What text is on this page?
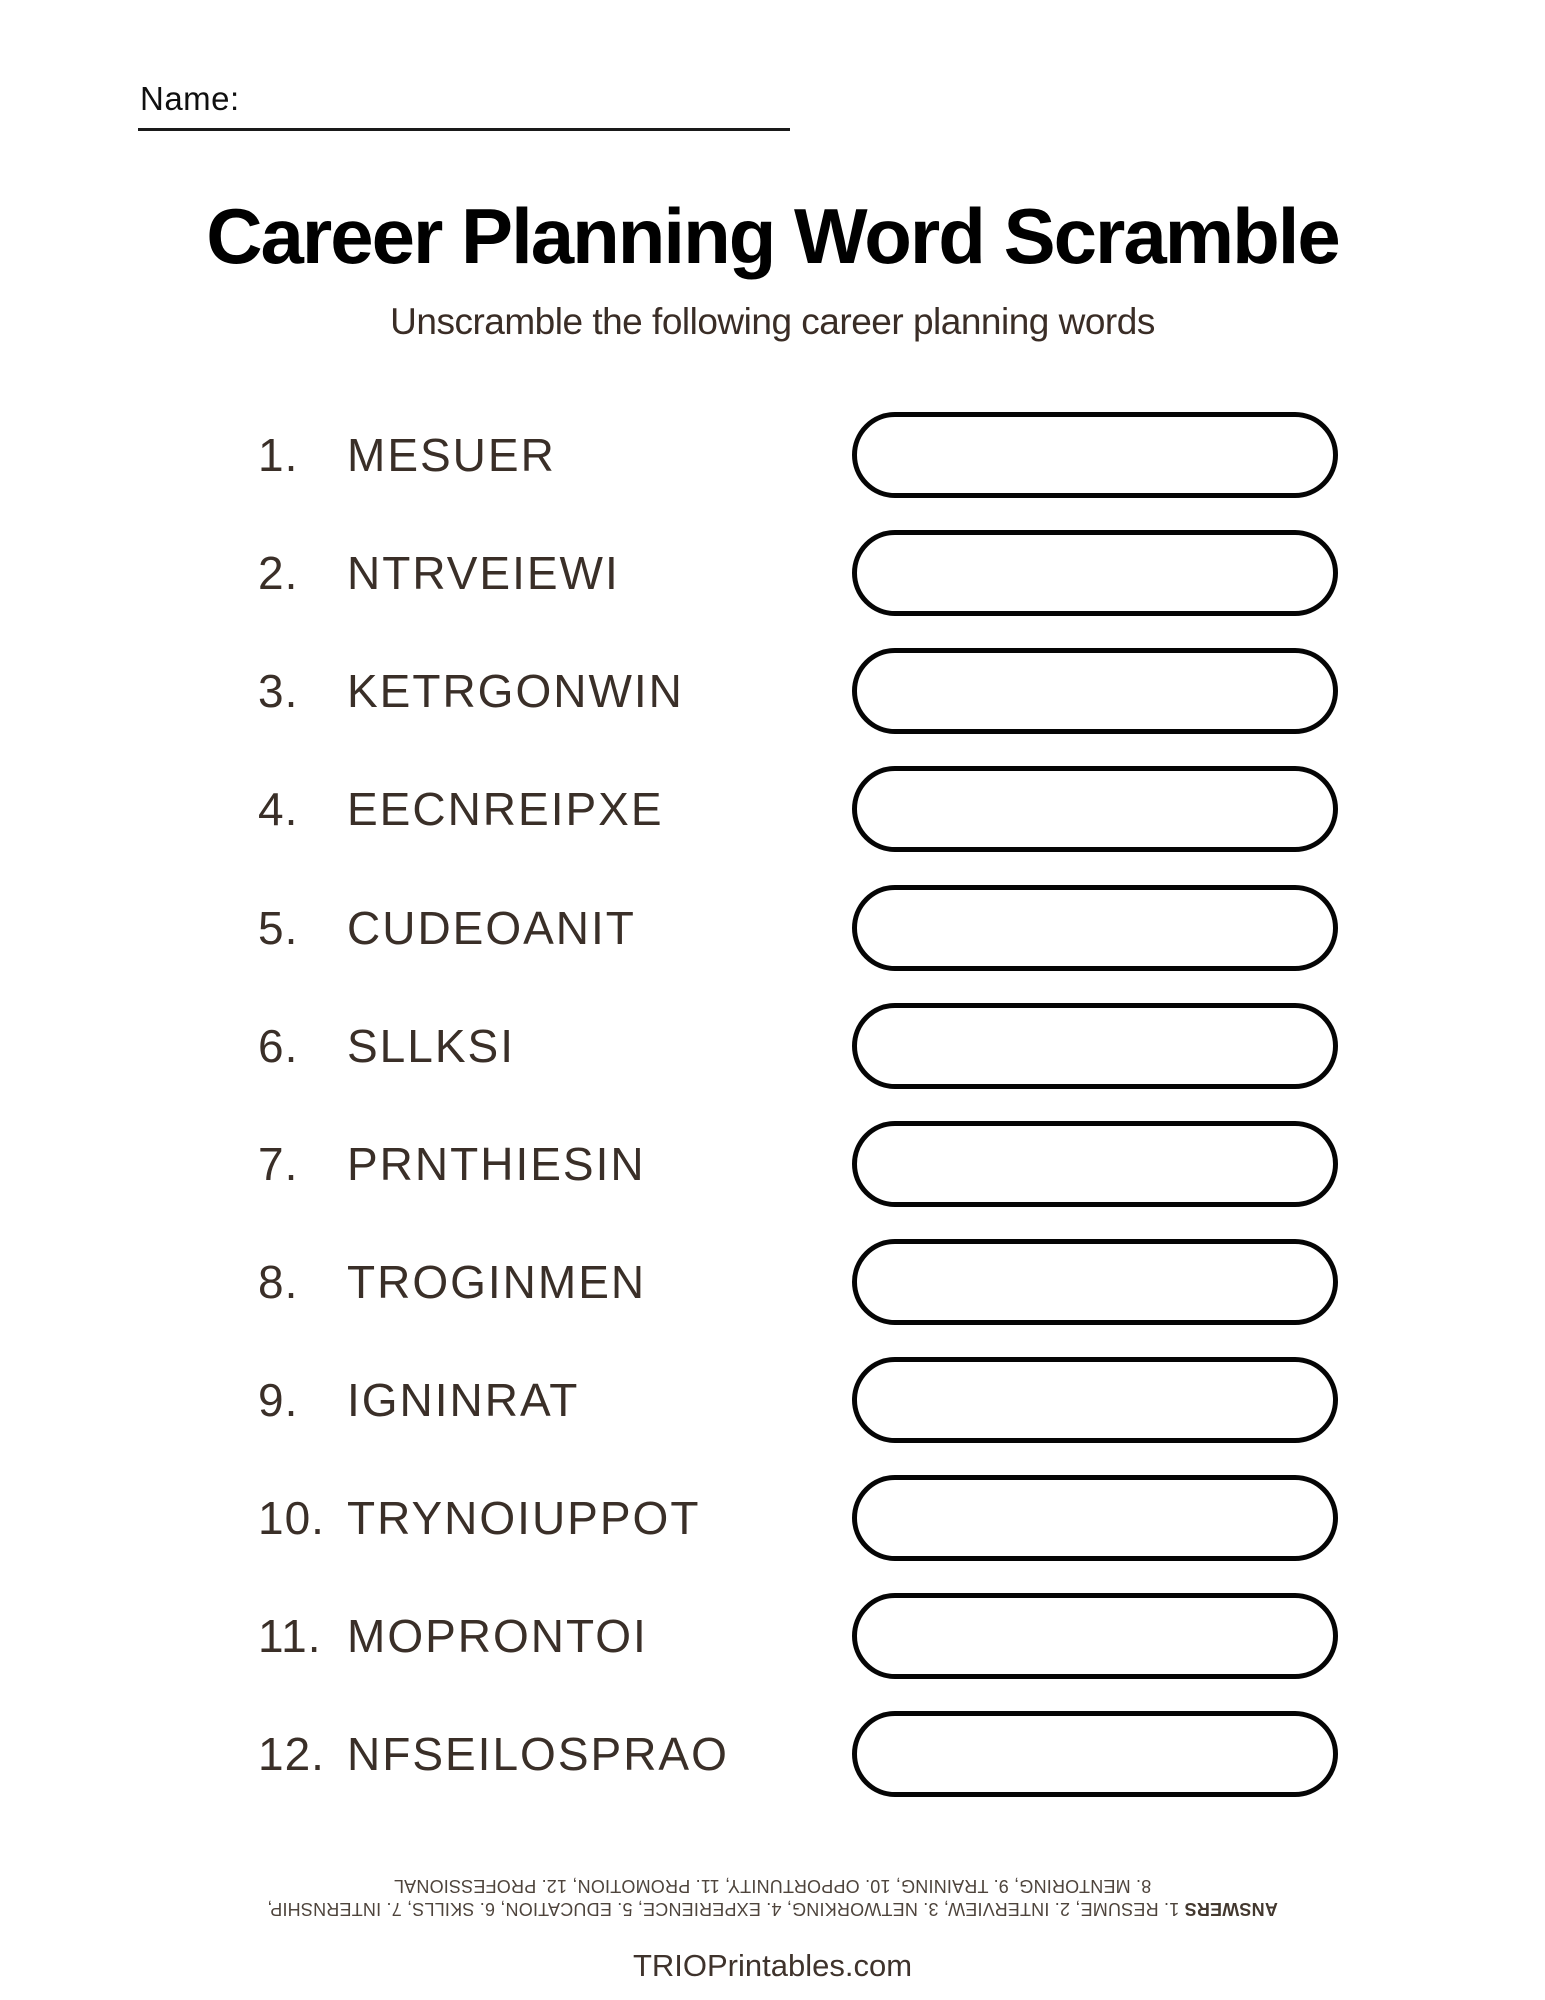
Name:
Career Planning Word Scramble
Unscramble the following career planning words
1. MESUER
2. NTRVEIEWI
3. KETRGONWIN
4. EECNREIPXE
5. CUDEOANIT
6. SLLKSI
7. PRNTHIESIN
8. TROGINMEN
9. IGNINRAT
10. TRYNOIUPPOT
11. MOPRONTOI
12. NFSEILOSPRAO
ANSWERS 1. RESUME, 2. INTERVIEW, 3. NETWORKING, 4. EXPERIENCE, 5. EDUCATION, 6. SKILLS, 7. INTERNSHIP,
8. MENTORING, 9. TRAINING, 10. OPPORTUNITY, 11. PROMOTION, 12. PROFESSIONAL
TRIOPrintables.com
